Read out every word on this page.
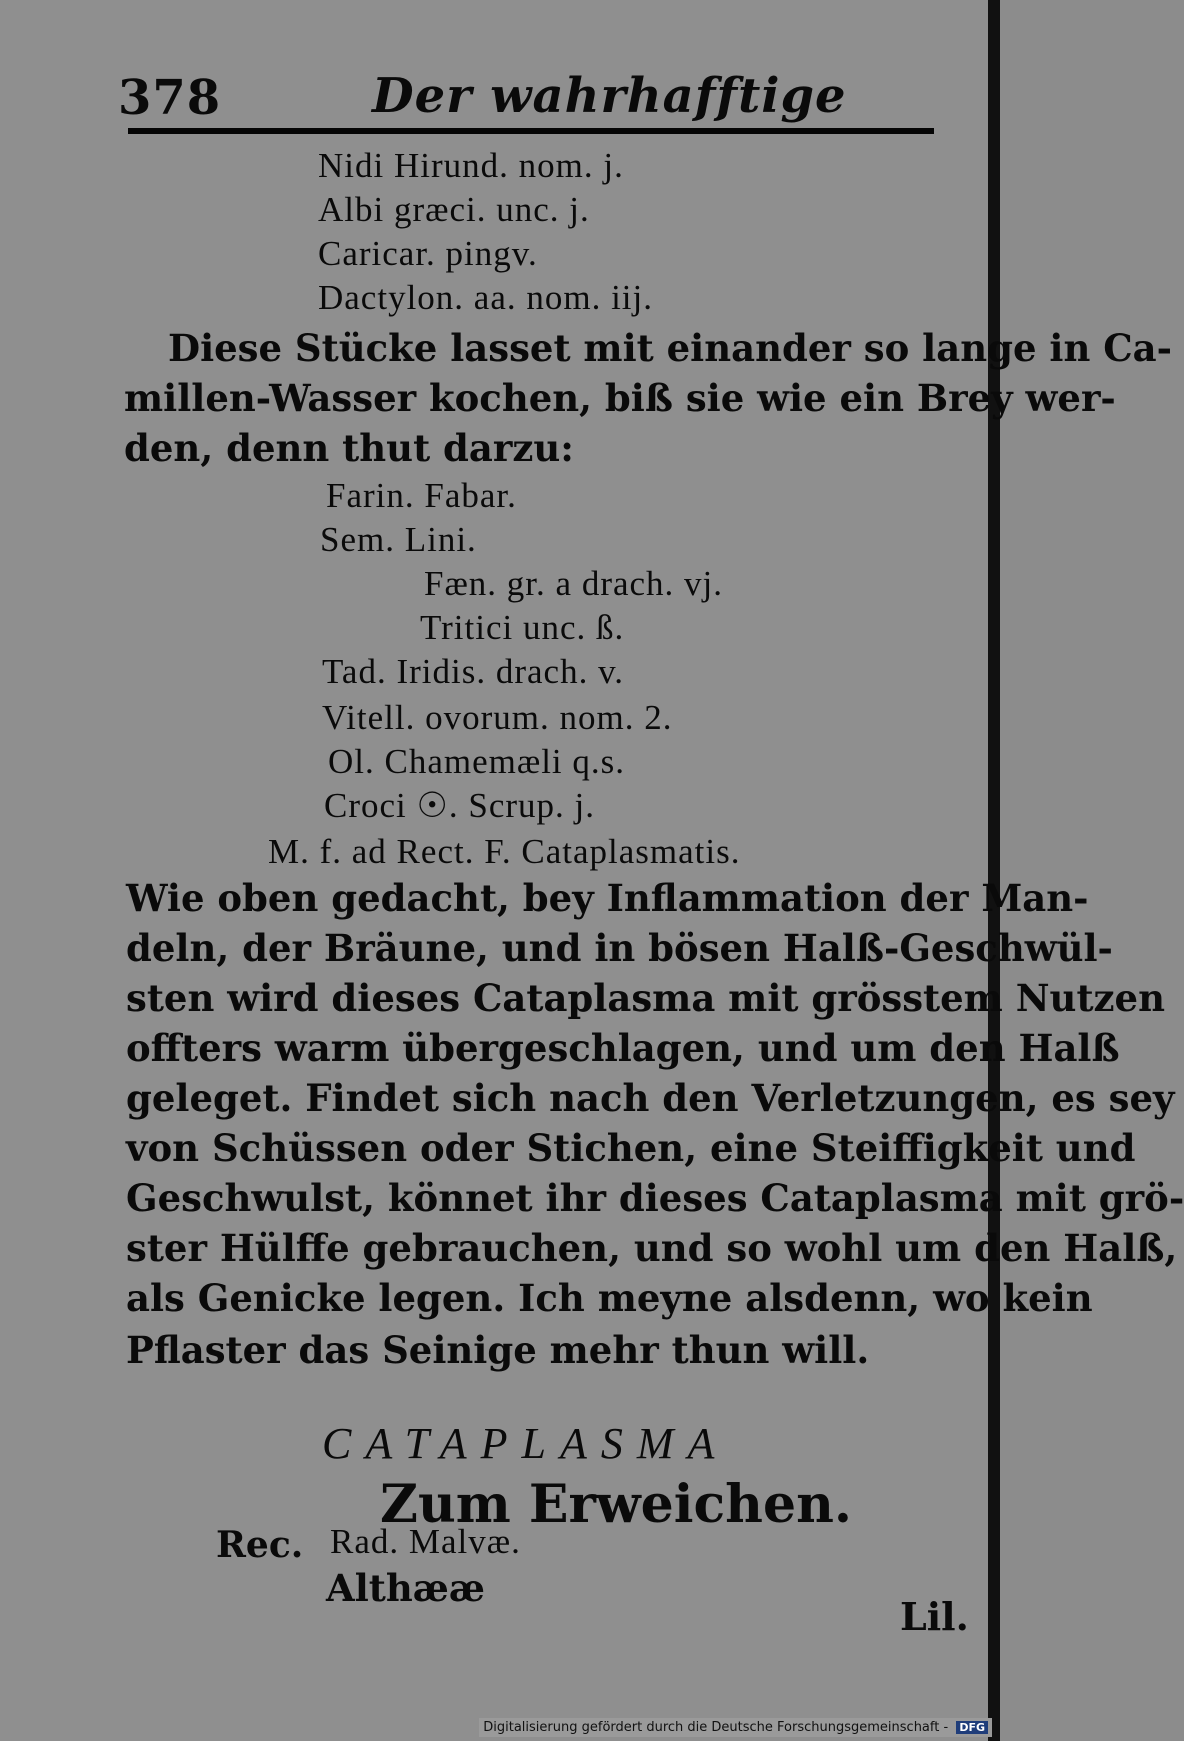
378	Der wahrhafftige
Nidi Hirund. nom. j.
Albi græci. unc. j.
Caricar. pingv.
Dactylon. aa. nom. iij.
Diese Stücke lasset mit einander so lange in Ca-
millen-Wasser kochen, biß sie wie ein Brey wer-
den, denn thut darzu:
Farin. Fabar.
Sem. Lini.
Fæn. gr. a drach. vj.
Tritici unc. ß.
Tad. Iridis. drach. v.
Vitell. ovorum. nom. 2.
Ol. Chamemæli q.s.
Croci ☉. Scrup. j.
M. f. ad Rect. F. Cataplasmatis.
Wie oben gedacht, bey Inflammation der Man-
deln, der Bräune, und in bösen Halß-Geschwül-
sten wird dieses Cataplasma mit grösstem Nutzen
offters warm übergeschlagen, und um den Halß
geleget. Findet sich nach den Verletzungen, es sey
von Schüssen oder Stichen, eine Steiffigkeit und
Geschwulst, könnet ihr dieses Cataplasma mit grö-
ster Hülffe gebrauchen, und so wohl um den Halß,
als Genicke legen. Ich meyne alsdenn, wo kein
Pflaster das Seinige mehr thun will.
CATAPLASMA
Zum Erweichen.
Rec. Rad. Malvæ.
Althææ
Lil.
Digitalisierung gefördert durch die Deutsche Forschungsgemeinschaft - DFG
